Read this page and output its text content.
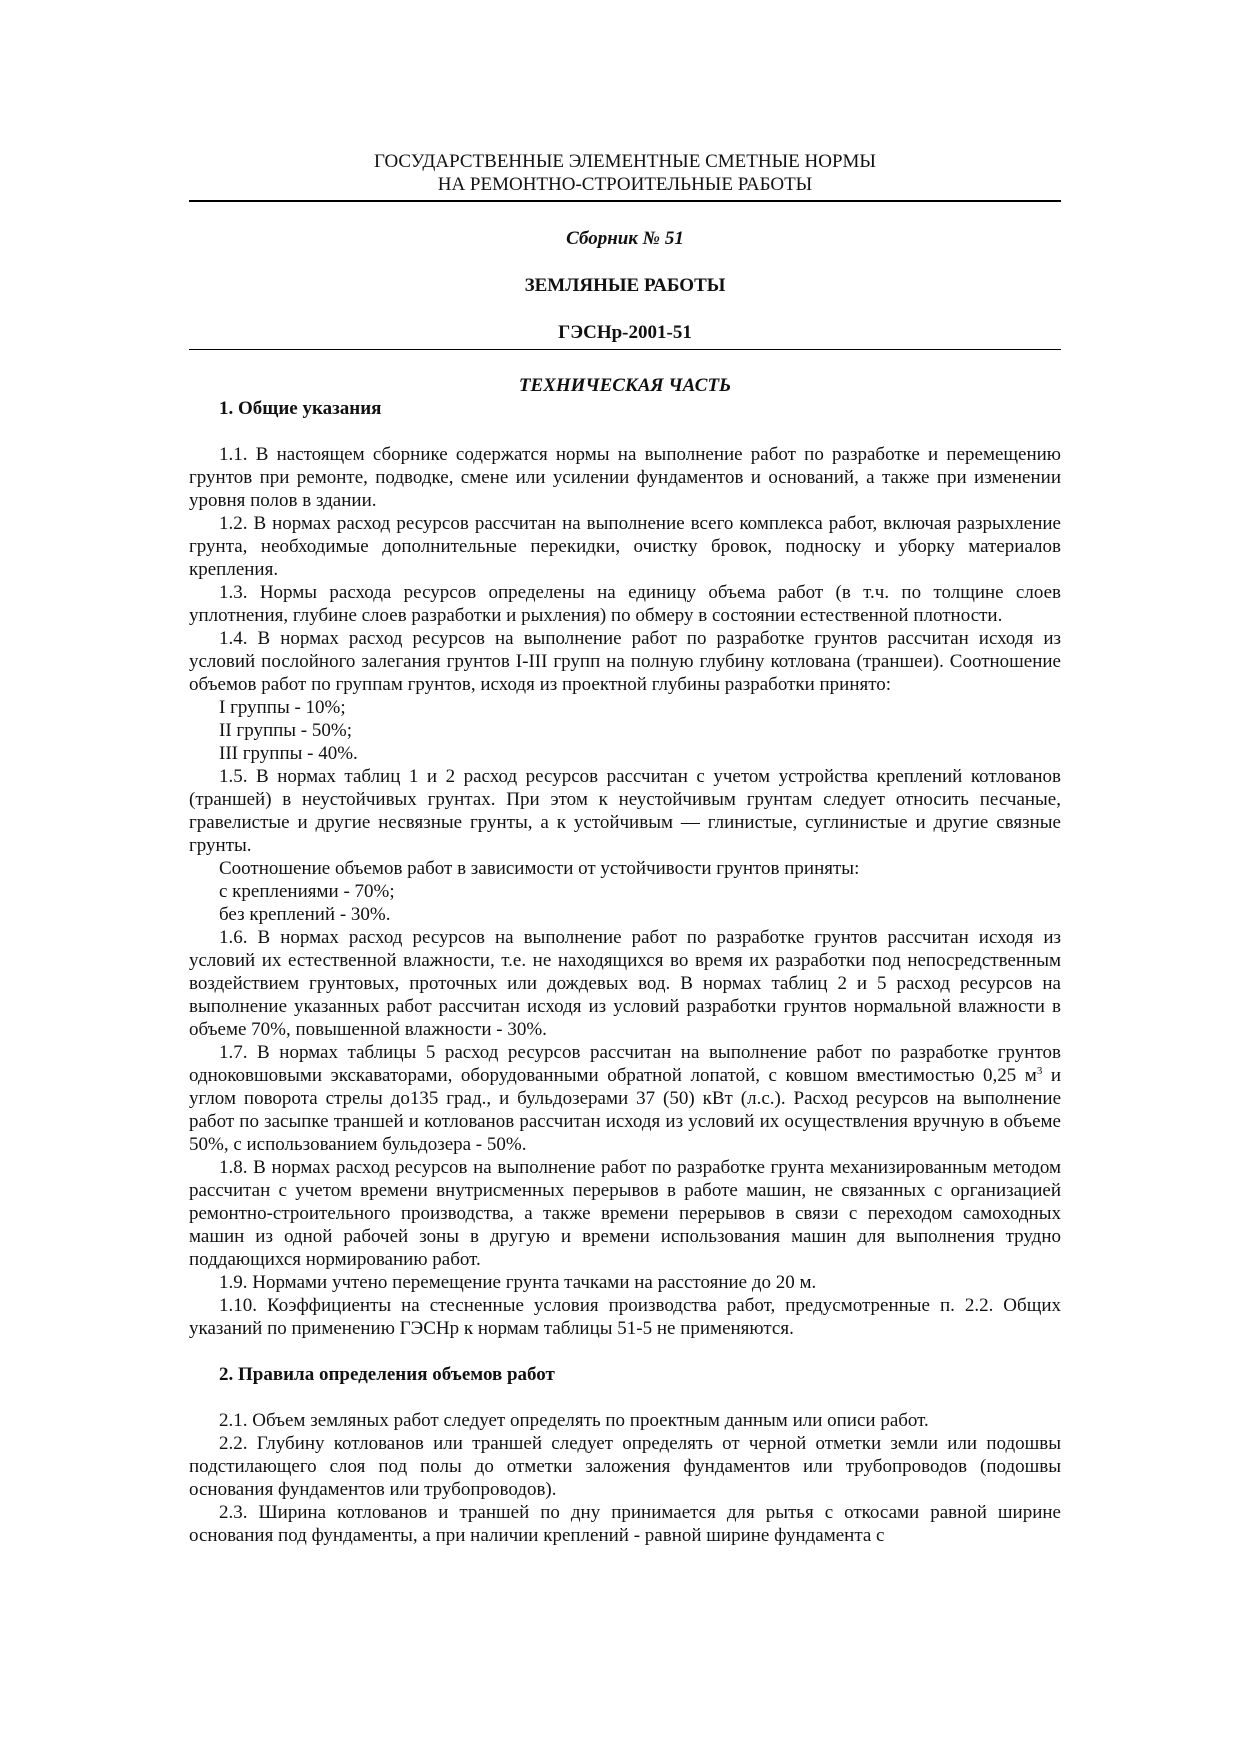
ГОСУДАРСТВЕННЫЕ ЭЛЕМЕНТНЫЕ СМЕТНЫЕ НОРМЫ
НА РЕМОНТНО-СТРОИТЕЛЬНЫЕ РАБОТЫ
Сборник № 51
ЗЕМЛЯНЫЕ РАБОТЫ
ГЭСНр-2001-51
ТЕХНИЧЕСКАЯ ЧАСТЬ
1. Общие указания

1.1. В настоящем сборнике содержатся нормы на выполнение работ по разработке и перемещению грунтов при ремонте, подводке, смене или усилении фундаментов и оснований, а также при изменении уровня полов в здании.

1.2. В нормах расход ресурсов рассчитан на выполнение всего комплекса работ, включая разрыхление грунта, необходимые дополнительные перекидки, очистку бровок, подноску и уборку материалов крепления.

1.3. Нормы расхода ресурсов определены на единицу объема работ (в т.ч. по толщине слоев уплотнения, глубине слоев разработки и рыхления) по обмеру в состоянии естественной плотности.

1.4. В нормах расход ресурсов на выполнение работ по разработке грунтов рассчитан исходя из условий послойного залегания грунтов I-III групп на полную глубину котлована (траншеи). Соотношение объемов работ по группам грунтов, исходя из проектной глубины разработки принято:

I группы - 10%;

II группы - 50%;

III группы - 40%.

1.5. В нормах таблиц 1 и 2 расход ресурсов рассчитан с учетом устройства креплений котлованов (траншей) в неустойчивых грунтах. При этом к неустойчивым грунтам следует относить песчаные, гравелистые и другие несвязные грунты, а к устойчивым — глинистые, суглинистые и другие связные грунты.

Соотношение объемов работ в зависимости от устойчивости грунтов приняты:

с креплениями - 70%;

без креплений - 30%.

1.6. В нормах расход ресурсов на выполнение работ по разработке грунтов рассчитан исходя из условий их естественной влажности, т.е. не находящихся во время их разработки под непосредственным воздействием грунтовых, проточных или дождевых вод. В нормах таблиц 2 и 5 расход ресурсов на выполнение указанных работ рассчитан исходя из условий разработки грунтов нормальной влажности в объеме 70%, повышенной влажности - 30%.

1.7. В нормах таблицы 5 расход ресурсов рассчитан на выполнение работ по разработке грунтов одноковшовыми экскаваторами, оборудованными обратной лопатой, с ковшом вместимостью 0,25 $м^3$ и углом поворота стрелы до135 град., и бульдозерами 37 (50) кВт (л.с.). Расход ресурсов на выполнение работ по засыпке траншей и котлованов рассчитан исходя из условий их осуществления вручную в объеме 50%, с использованием бульдозера - 50%.

1.8. В нормах расход ресурсов на выполнение работ по разработке грунта механизированным методом рассчитан с учетом времени внутрисменных перерывов в работе машин, не связанных с организацией ремонтно-строительного производства, а также времени перерывов в связи с переходом самоходных машин из одной рабочей зоны в другую и времени использования машин для выполнения трудно поддающихся нормированию работ.

1.9. Нормами учтено перемещение грунта тачками на расстояние до 20 м.

1.10. Коэффициенты на стесненные условия производства работ, предусмотренные п. 2.2. Общих указаний по применению ГЭСНр к нормам таблицы 51-5 не применяются.

2. Правила определения объемов работ

2.1. Объем земляных работ следует определять по проектным данным или описи работ.

2.2. Глубину котлованов или траншей следует определять от черной отметки земли или подошвы подстилающего слоя под полы до отметки заложения фундаментов или трубопроводов (подошвы основания фундаментов или трубопроводов).

2.3. Ширина котлованов и траншей по дну принимается для рытья с откосами равной ширине основания под фундаменты, а при наличии креплений - равной ширине фундамента с
